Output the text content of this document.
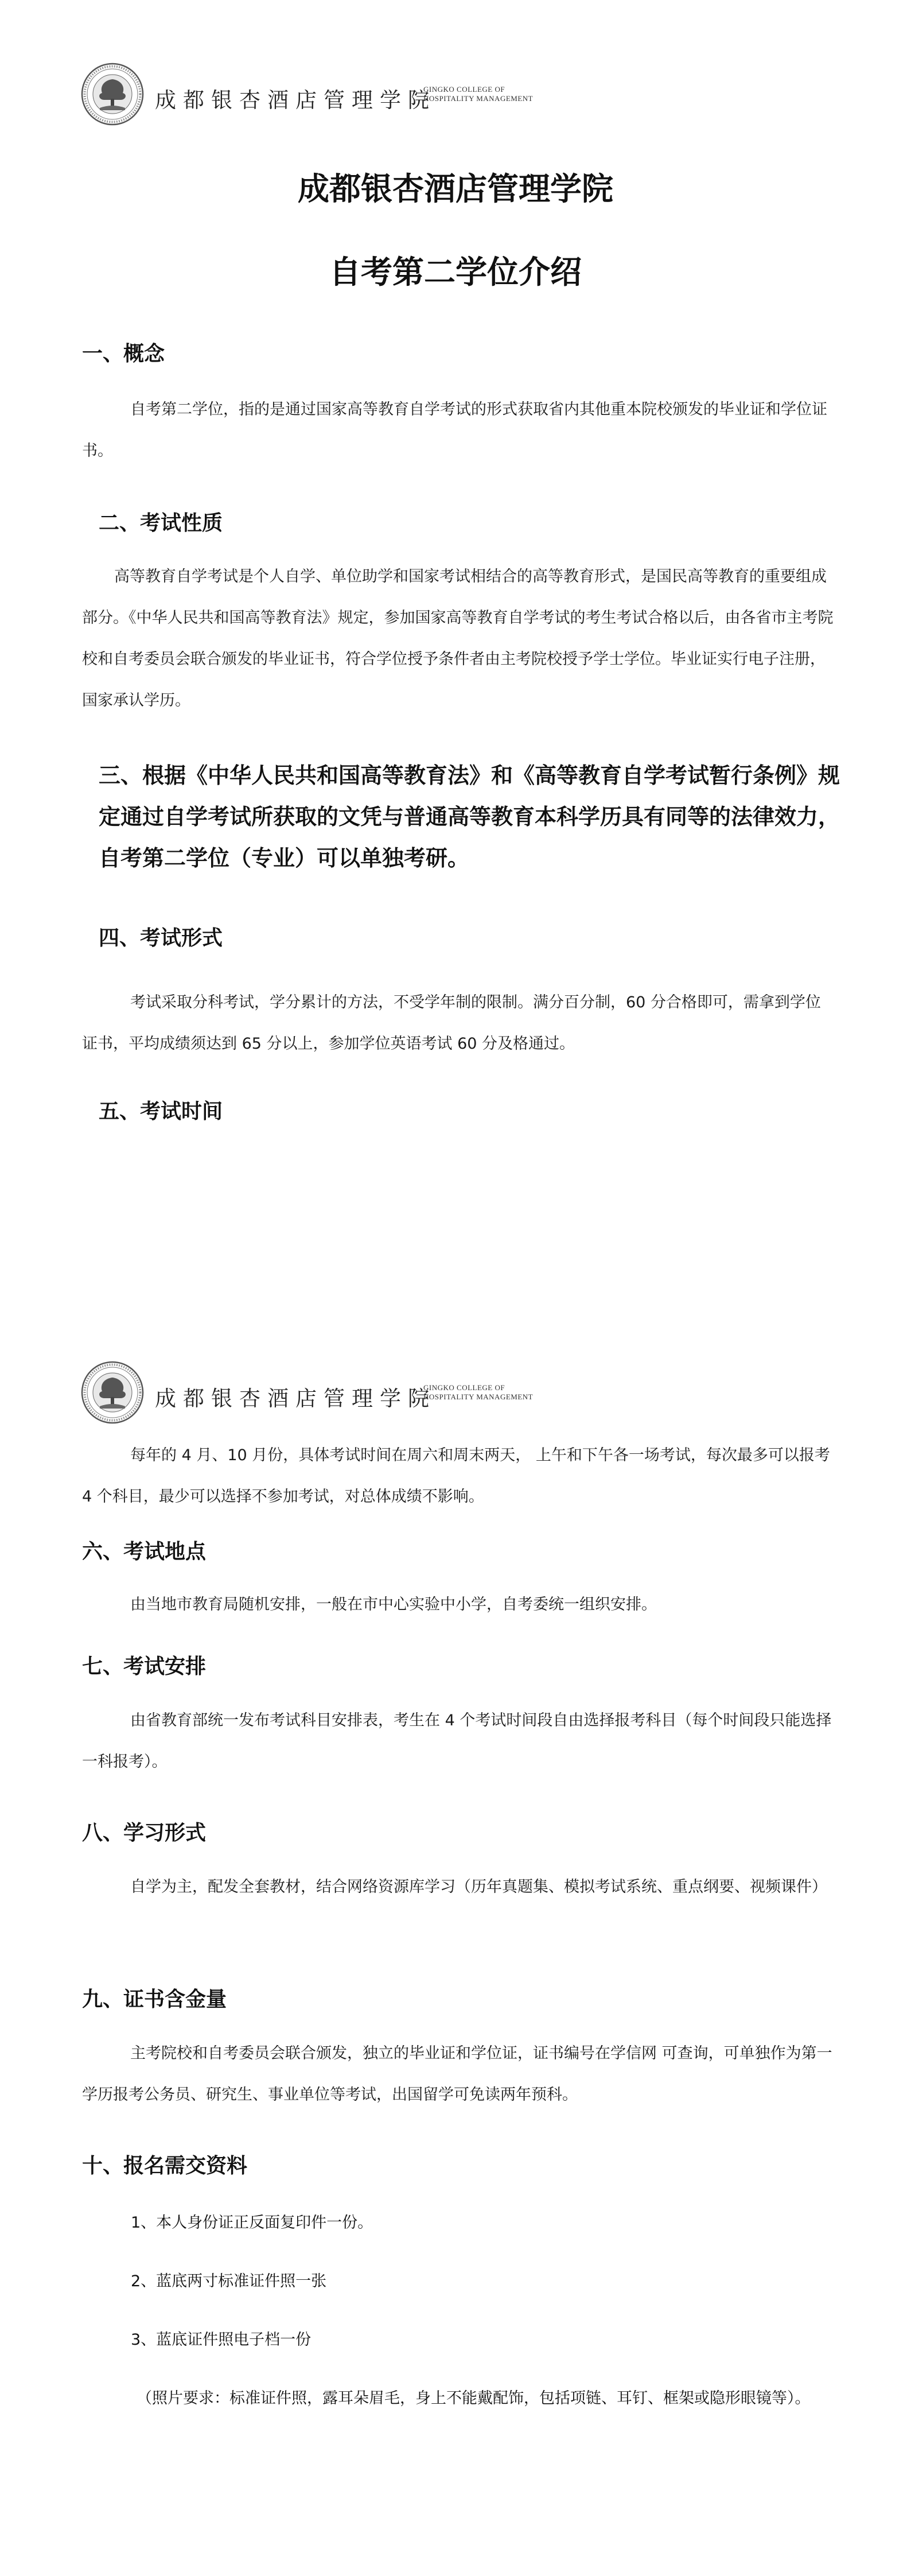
成都银杏酒店管理学院
GINGKO COLLEGE OF
HOSPITALITY MANAGEMENT
成都银杏酒店管理学院
自考第二学位介绍
一、概念
自考第二学位，指的是通过国家高等教育自学考试的形式获取省内其他重本院校颁发的毕业证和学位证书。
二、考试性质
高等教育自学考试是个人自学、单位助学和国家考试相结合的高等教育形式，是国民高等教育的重要组成部分。《中华人民共和国高等教育法》规定，参加国家高等教育自学考试的考生考试合格以后，由各省市主考院校和自考委员会联合颁发的毕业证书，符合学位授予条件者由主考院校授予学士学位。毕业证实行电子注册，国家承认学历。
三、根据《中华人民共和国高等教育法》和《高等教育自学考试暂行条例》规定通过自学考试所获取的文凭与普通高等教育本科学历具有同等的法律效力，自考第二学位（专业）可以单独考研。
四、考试形式
考试采取分科考试，学分累计的方法，不受学年制的限制。满分百分制，60 分合格即可，需拿到学位证书，平均成绩须达到 65 分以上，参加学位英语考试 60 分及格通过。
五、考试时间
成都银杏酒店管理学院
GINGKO COLLEGE OF
HOSPITALITY MANAGEMENT
每年的 4 月、10 月份，具体考试时间在周六和周末两天， 上午和下午各一场考试，每次最多可以报考 4 个科目，最少可以选择不参加考试，对总体成绩不影响。
六、考试地点
由当地市教育局随机安排，一般在市中心实验中小学，自考委统一组织安排。
七、考试安排
由省教育部统一发布考试科目安排表，考生在 4 个考试时间段自由选择报考科目（每个时间段只能选择一科报考）。
八、学习形式
自学为主，配发全套教材，结合网络资源库学习（历年真题集、模拟考试系统、重点纲要、视频课件）
九、证书含金量
主考院校和自考委员会联合颁发，独立的毕业证和学位证，证书编号在学信网 可查询，可单独作为第一学历报考公务员、研究生、事业单位等考试，出国留学可免读两年预科。
十、报名需交资料
1、本人身份证正反面复印件一份。
2、蓝底两寸标准证件照一张
3、蓝底证件照电子档一份
（照片要求：标准证件照，露耳朵眉毛，身上不能戴配饰，包括项链、耳钉、框架或隐形眼镜等）。
